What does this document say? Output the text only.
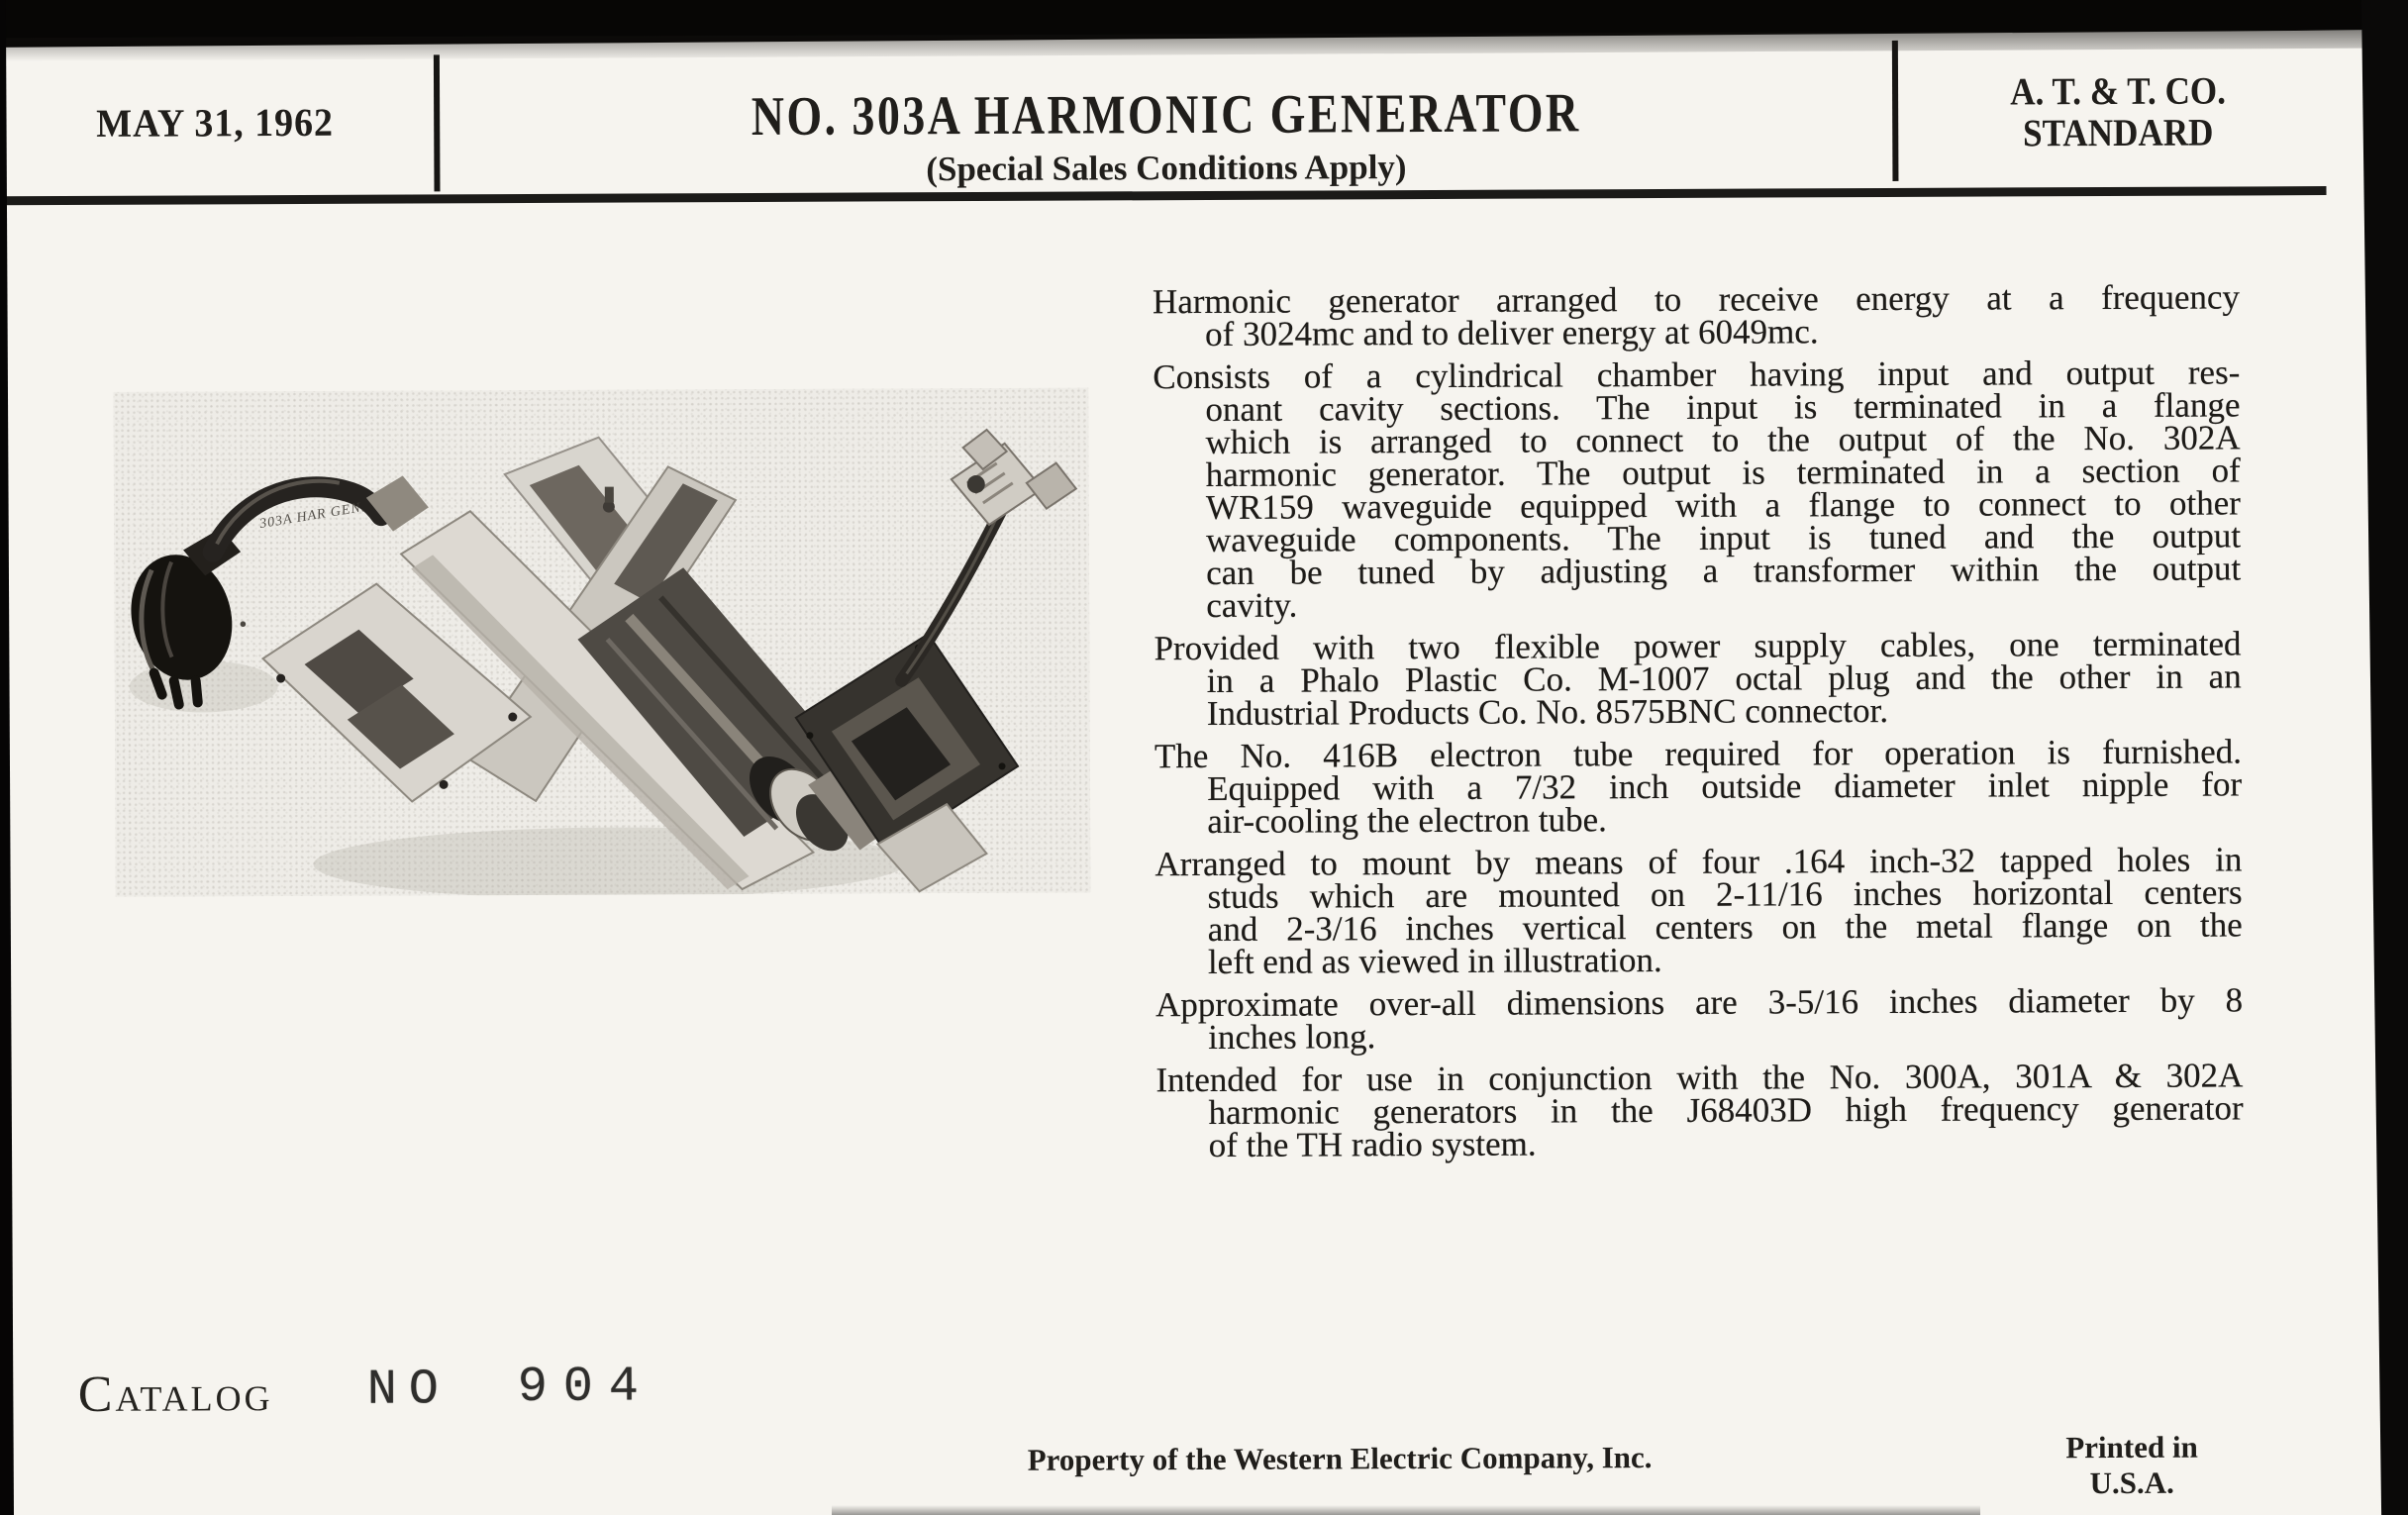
MAY 31, 1962	NO. 303A HARMONIC GENERATOR
(Special Sales Conditions Apply)
A. T. & T. CO.
STANDARD
303A HAR GEN.
Harmonic generator arranged to receive energy at a frequency
of 3024mc and to deliver energy at 6049mc.
Consists of a cylindrical chamber having input and output res-
onant cavity sections. The input is terminated in a flange
which is arranged to connect to the output of the No. 302A
harmonic generator. The output is terminated in a section of
WR159 waveguide equipped with a flange to connect to other
waveguide components. The input is tuned and the output
can be tuned by adjusting a transformer within the output
cavity.
Provided with two flexible power supply cables, one terminated
in a Phalo Plastic Co. M-1007 octal plug and the other in an
Industrial Products Co. No. 8575BNC connector.
The No. 416B electron tube required for operation is furnished.
Equipped with a 7/32 inch outside diameter inlet nipple for
air-cooling the electron tube.
Arranged to mount by means of four .164 inch-32 tapped holes in
studs which are mounted on 2-11/16 inches horizontal centers
and 2-3/16 inches vertical centers on the metal flange on the
left end as viewed in illustration.
Approximate over-all dimensions are 3-5/16 inches diameter by 8
inches long.
Intended for use in conjunction with the No. 300A, 301A & 302A
harmonic generators in the J68403D high frequency generator
of the TH radio system.
Catalog NO 904
Property of the Western Electric Company, Inc.	Printed in U.S.A.
